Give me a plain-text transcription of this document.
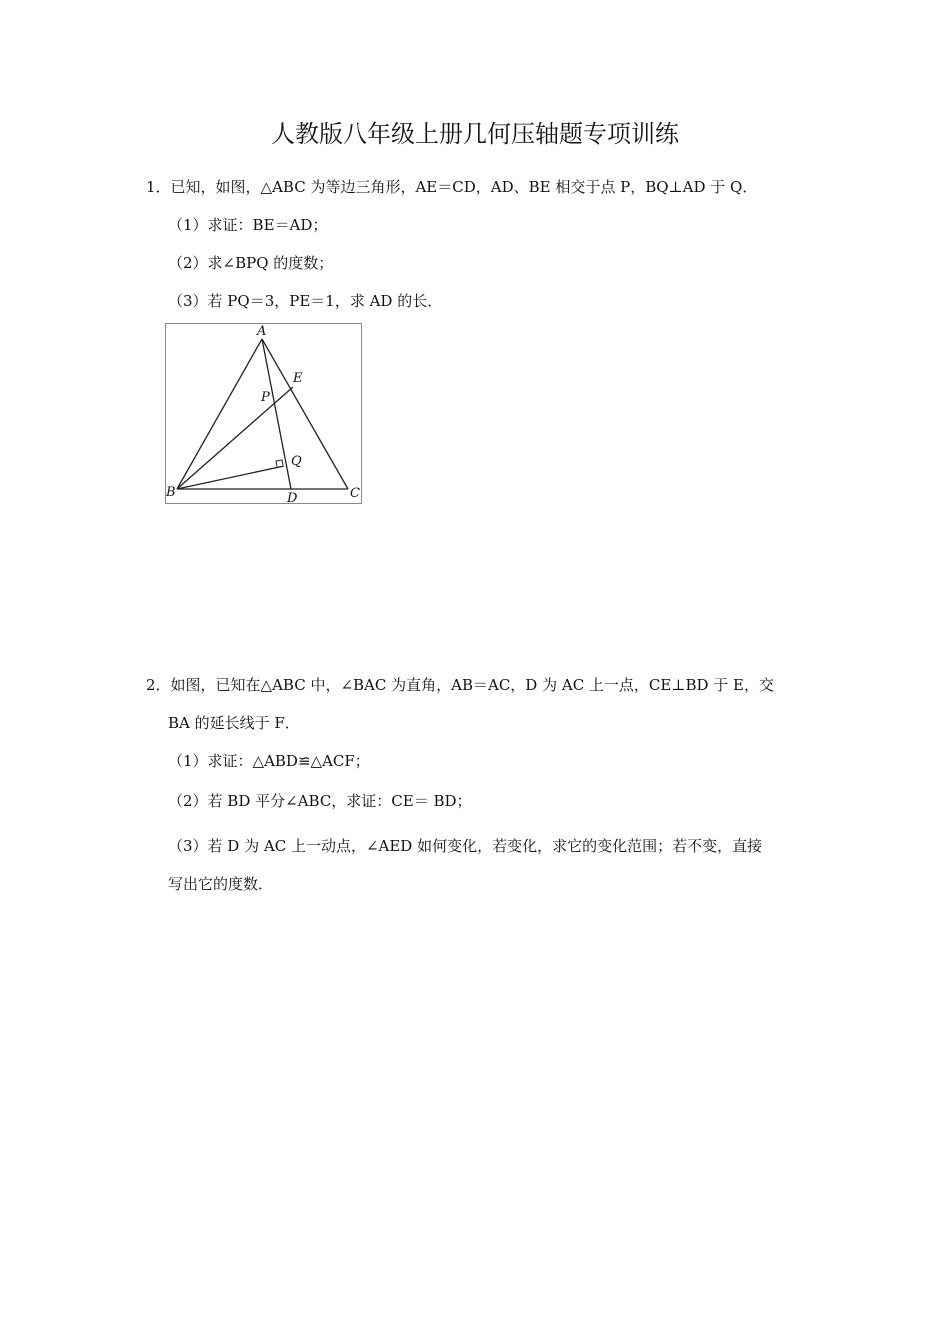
人教版八年级上册几何压轴题专项训练
1．已知，如图，△ABC 为等边三角形，AE＝CD，AD、BE 相交于点 P，BQ⊥AD 于 Q．
（1）求证：BE＝AD；
（2）求∠BPQ 的度数；
（3）若 PQ＝3，PE＝1，求 AD 的长．
A
B	C
D
E
P
Q
2．如图，已知在△ABC 中，∠BAC 为直角，AB＝AC，D 为 AC 上一点，CE⊥BD 于 E，交
BA 的延长线于 F．
（1）求证：△ABD≌△ACF；
（2）若 BD 平分∠ABC，求证：CE＝ BD；
（3）若 D 为 AC 上一动点，∠AED 如何变化，若变化，求它的变化范围；若不变，直接
写出它的度数．
